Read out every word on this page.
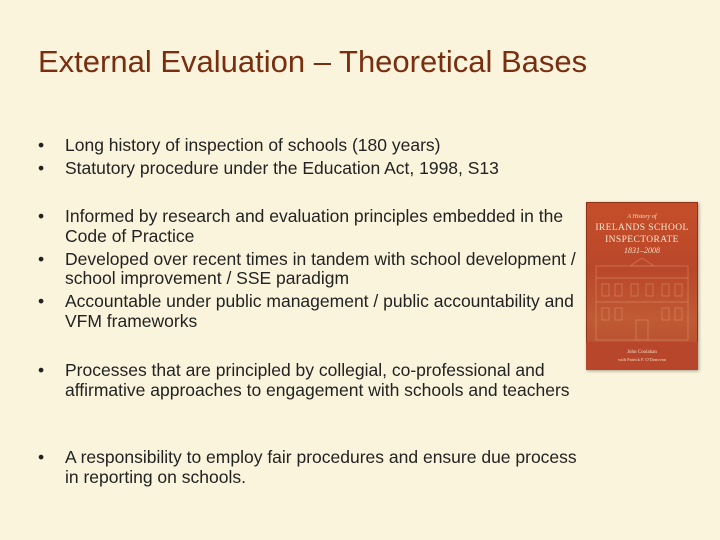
External Evaluation – Theoretical Bases
• Long history of inspection of schools (180 years)
• Statutory procedure under the Education Act, 1998, S13
• Informed by research and evaluation principles embedded in the Code of Practice
• Developed over recent times in tandem with school development / school improvement / SSE paradigm
• Accountable under public management / public accountability and VFM frameworks
• Processes that are principled by collegial, co-professional and affirmative approaches to engagement with schools and teachers
• A responsibility to employ fair procedures and ensure due process in reporting on schools.
A History of
IRELANDS SCHOOL
INSPECTORATE
1831–2008
John Coolahan
with Patrick F. O'Donovan
